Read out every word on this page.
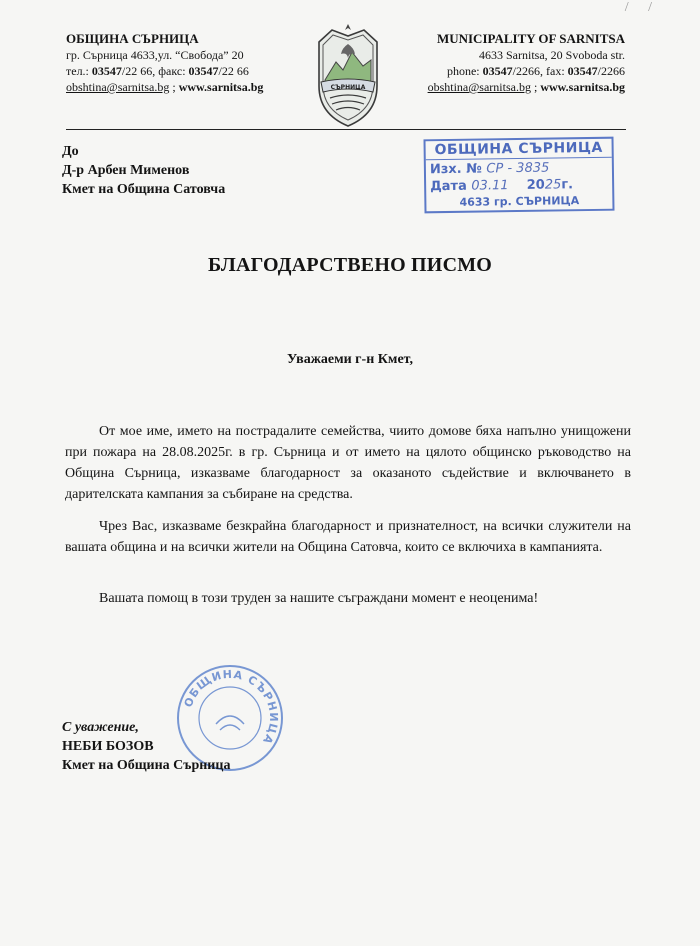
/ /
ОБЩИНА СЪРНИЦА
гр. Сърница 4633,ул. “Свобода” 20
тел.: 03547/22 66, факс: 03547/22 66
obshtina@sarnitsa.bg ; www.sarnitsa.bg	СЪРНИЦА
MUNICIPALITY OF SARNITSA
4633 Sarnitsa, 20 Svoboda str.
phone: 03547/2266, fax: 03547/2266
obshtina@sarnitsa.bg ; www.sarnitsa.bg
До
Д-р Арбен Мименов
Кмет на Община Сатовча
ОБЩИНА СЪРНИЦА
Изх. № СР - 3835
Дата 03.11 2025г.
4633 гр. СЪРНИЦА
БЛАГОДАРСТВЕНО ПИСМО
Уважаеми г-н Кмет,

От мое име, името на пострадалите семейства, чиито домове бяха напълно унищожени при пожара на 28.08.2025г. в гр. Сърница и от името на цялото общинско ръководство на Община Сърница, изказваме благодарност за оказаното съдействие и включването в дарителската кампания за събиране на средства.

Чрез Вас, изказваме безкрайна благодарност и признателност, на всички служители на вашата община и на всички жители на Община Сатовча, които се включиха в кампанията.

Вашата помощ в този труден за нашите съграждани момент е неоценима!

ОБЩИНА СЪРНИЦА
С уважение,
НЕБИ БОЗОВ
Кмет на Община Сърница
